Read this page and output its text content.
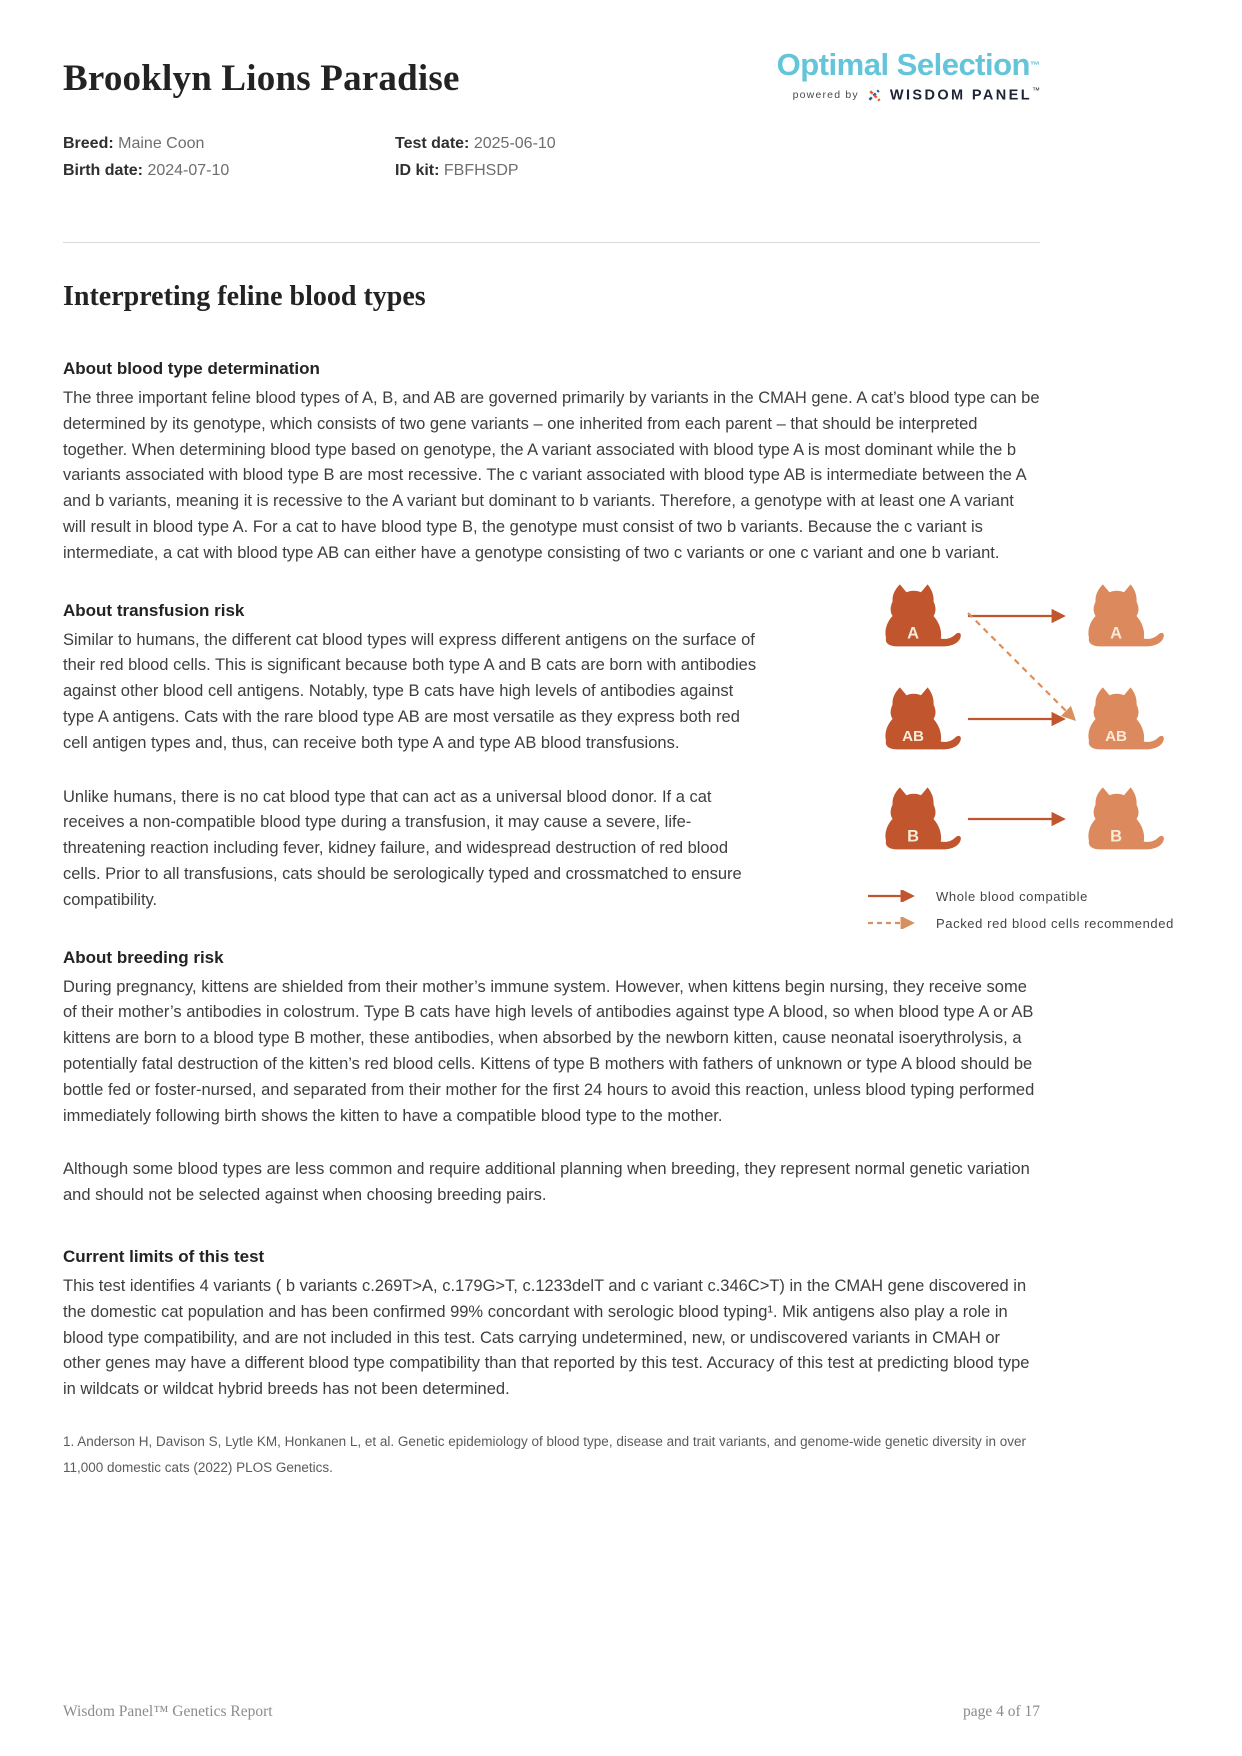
Brooklyn Lions Paradise	Optimal Selection™
powered by WISDOM PANEL™
Breed: Maine Coon	Test date: 2025-06-10
Birth date: 2024-07-10	ID kit: FBFHSDP
Interpreting feline blood types
About blood type determination

The three important feline blood types of A, B, and AB are governed primarily by variants in the CMAH gene. A cat’s blood type can be determined by its genotype, which consists of two gene variants – one inherited from each parent – that should be interpreted together. When determining blood type based on genotype, the A variant associated with blood type A is most dominant while the b variants associated with blood type B are most recessive. The c variant associated with blood type AB is intermediate between the A and b variants, meaning it is recessive to the A variant but dominant to b variants. Therefore, a genotype with at least one A variant will result in blood type A. For a cat to have blood type B, the genotype must consist of two b variants. Because the c variant is intermediate, a cat with blood type AB can either have a genotype consisting of two c variants or one c variant and one b variant.

About transfusion risk

Similar to humans, the different cat blood types will express different antigens on the surface of their red blood cells. This is significant because both type A and B cats are born with antibodies against other blood cell antigens. Notably, type B cats have high levels of antibodies against type A antigens. Cats with the rare blood type AB are most versatile as they express both red cell antigen types and, thus, can receive both type A and type AB blood transfusions.

Unlike humans, there is no cat blood type that can act as a universal blood donor. If a cat receives a non-compatible blood type during a transfusion, it may cause a severe, life-threatening reaction including fever, kidney failure, and widespread destruction of red blood cells. Prior to all transfusions, cats should be serologically typed and crossmatched to ensure compatibility.

A	A
AB	AB
B	B
Whole blood compatible
Packed red blood cells recommended
About breeding risk

During pregnancy, kittens are shielded from their mother’s immune system. However, when kittens begin nursing, they receive some of their mother’s antibodies in colostrum. Type B cats have high levels of antibodies against type A blood, so when blood type A or AB kittens are born to a blood type B mother, these antibodies, when absorbed by the newborn kitten, cause neonatal isoerythrolysis, a potentially fatal destruction of the kitten’s red blood cells. Kittens of type B mothers with fathers of unknown or type A blood should be bottle fed or foster-nursed, and separated from their mother for the first 24 hours to avoid this reaction, unless blood typing performed immediately following birth shows the kitten to have a compatible blood type to the mother.

Although some blood types are less common and require additional planning when breeding, they represent normal genetic variation and should not be selected against when choosing breeding pairs.

Current limits of this test

This test identifies 4 variants ( b variants c.269T>A, c.179G>T, c.1233delT and c variant c.346C>T) in the CMAH gene discovered in the domestic cat population and has been confirmed 99% concordant with serologic blood typing¹. Mik antigens also play a role in blood type compatibility, and are not included in this test. Cats carrying undetermined, new, or undiscovered variants in CMAH or other genes may have a different blood type compatibility than that reported by this test. Accuracy of this test at predicting blood type in wildcats or wildcat hybrid breeds has not been determined.

1. Anderson H, Davison S, Lytle KM, Honkanen L, et al. Genetic epidemiology of blood type, disease and trait variants, and genome-wide genetic diversity in over 11,000 domestic cats (2022) PLOS Genetics.

Wisdom Panel™ Genetics Report	page 4 of 17
